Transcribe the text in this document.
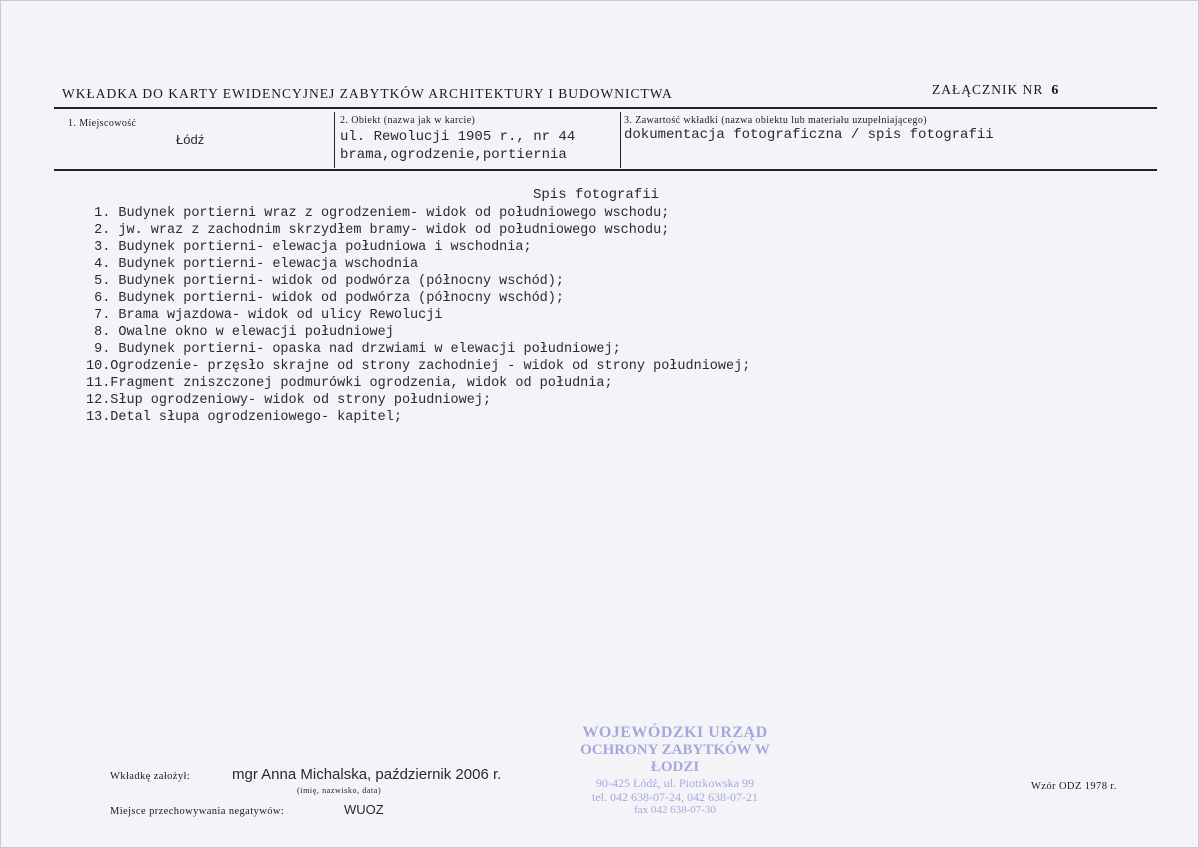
WKŁADKA DO KARTY EWIDENCYJNEJ ZABYTKÓW ARCHITEKTURY I BUDOWNICTWA	ZAŁĄCZNIK NR 6
1. Miejscowość
Łódź
2. Obiekt (nazwa jak w karcie)
ul. Rewolucji 1905 r., nr 44
brama,ogrodzenie,portiernia
3. Zawartość wkładki (nazwa obiektu lub materiału uzupełniającego)
dokumentacja fotograficzna / spis fotografii
Spis fotografii
1. Budynek portierni wraz z ogrodzeniem- widok od południowego wschodu;
2. jw. wraz z zachodnim skrzydłem bramy- widok od południowego wschodu;
3. Budynek portierni- elewacja południowa i wschodnia;
4. Budynek portierni- elewacja wschodnia
5. Budynek portierni- widok od podwórza (północny wschód);
6. Budynek portierni- widok od podwórza (północny wschód);
7. Brama wjazdowa- widok od ulicy Rewolucji
8. Owalne okno w elewacji południowej
9. Budynek portierni- opaska nad drzwiami w elewacji południowej;
10.Ogrodzenie- przęsło skrajne od strony zachodniej - widok od strony południowej;
11.Fragment zniszczonej podmurówki ogrodzenia, widok od południa;
12.Słup ogrodzeniowy- widok od strony południowej;
13.Detal słupa ogrodzeniowego- kapitel;
WOJEWÓDZKI URZĄD
OCHRONY ZABYTKÓW W ŁODZI
90-425 Łódź, ul. Piotrkowska 99
tel. 042 638-07-24, 042 638-07-21
fax 042 638-07-30
Wkładkę założył:	mgr Anna Michalska, październik 2006 r.
(imię, nazwisko, data)
Miejsce przechowywania negatywów:	WUOZ
Wzór ODZ 1978 r.
